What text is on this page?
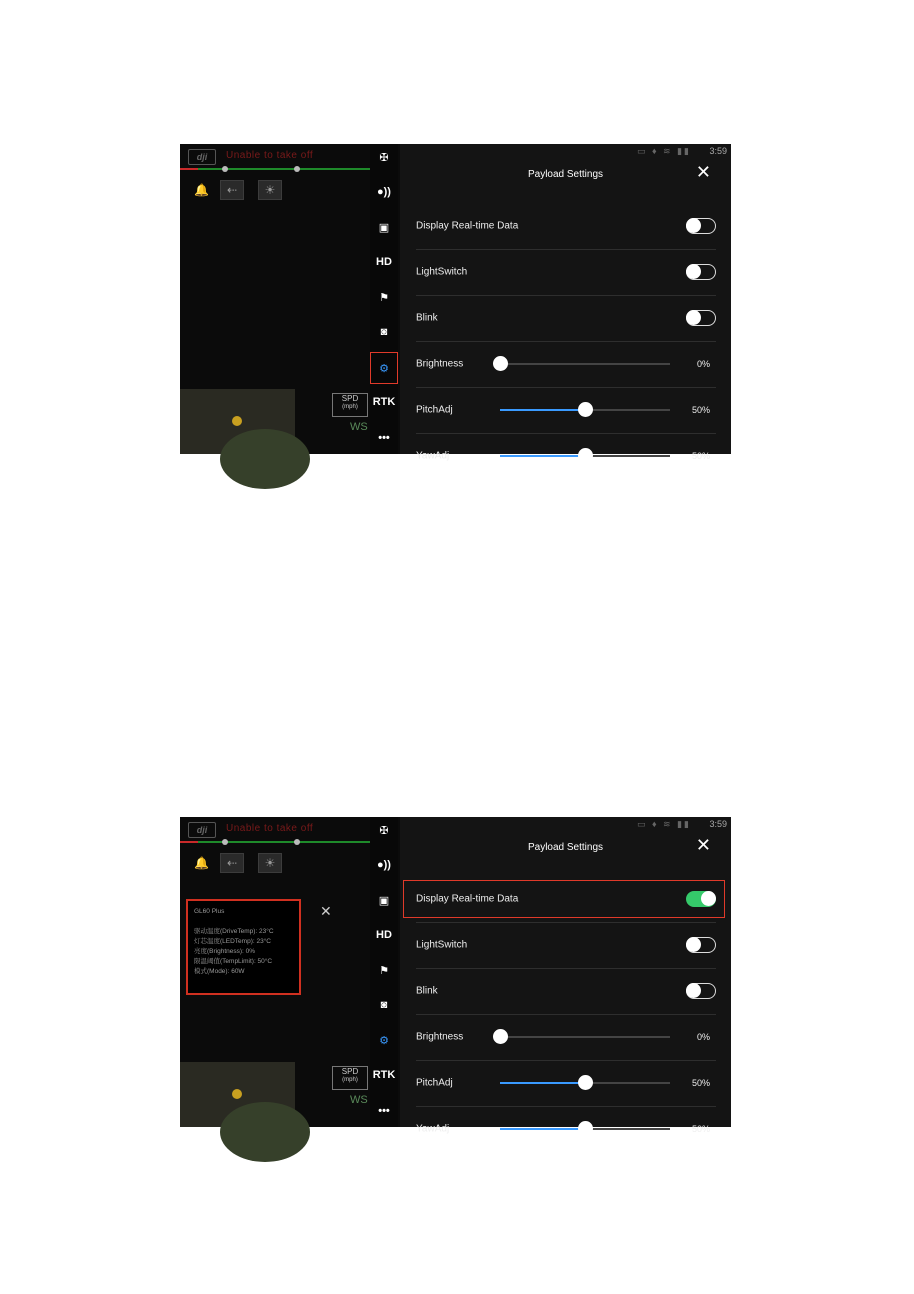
dji	Unable to take off
🔔	⇠	☀
SPD
(mph)
WS
✠
●))
▣
HD
⚑
◙
⚙
RTK
•••
▭ ♦ ≋ ▮▮ 3:59
Payload Settings	✕
Display Real-time Data
LightSwitch
Blink
Brightness	0%
PitchAdj	50%
YawAdj	50%
dji	Unable to take off
🔔	⇠	☀
GL60 Plus
驱动温度(DriveTemp): 23°C
灯芯温度(LEDTemp): 23°C
亮度(Brightness): 0%
限温阈值(TempLimit): 50°C
模式(Mode): 60W
✕
SPD
(mph)
WS
✠
●))
▣
HD
⚑
◙
⚙
RTK
•••
▭ ♦ ≋ ▮▮ 3:59
Payload Settings	✕
Display Real-time Data
LightSwitch
Blink
Brightness	0%
PitchAdj	50%
YawAdj	50%
